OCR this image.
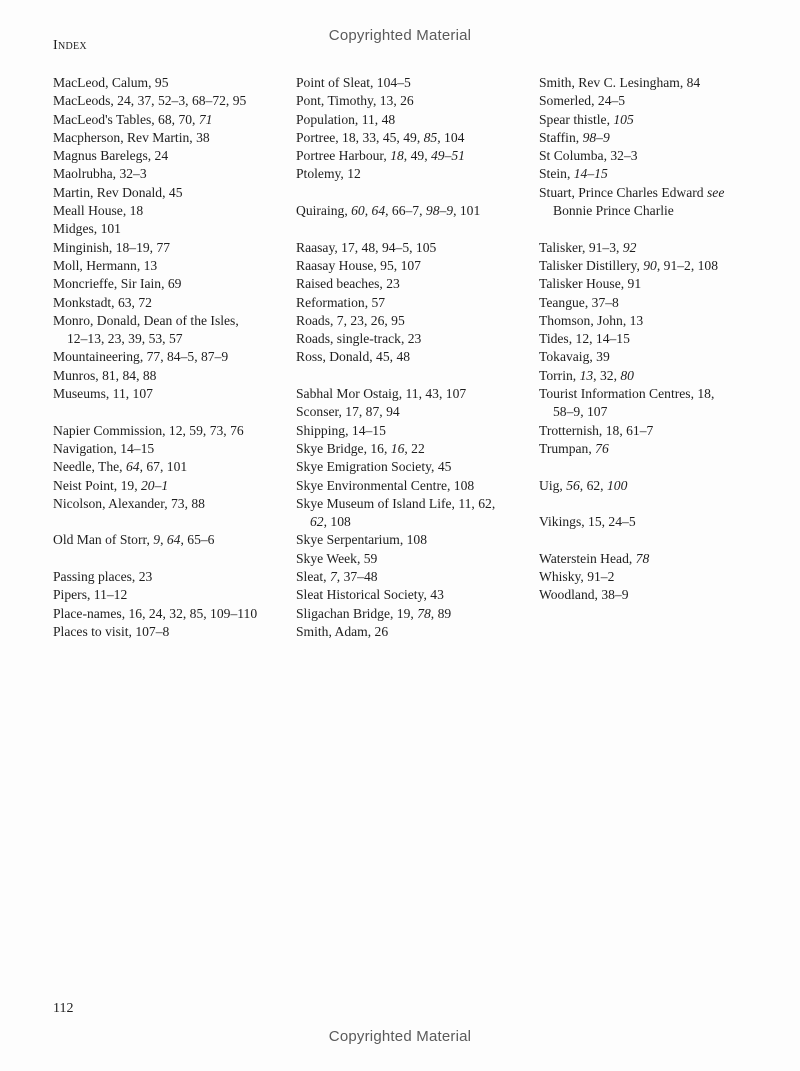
Copyrighted Material
Index
MacLeod, Calum, 95
MacLeods, 24, 37, 52–3, 68–72, 95
MacLeod's Tables, 68, 70, 71
Macpherson, Rev Martin, 38
Magnus Barelegs, 24
Maolrubha, 32–3
Martin, Rev Donald, 45
Meall House, 18
Midges, 101
Minginish, 18–19, 77
Moll, Hermann, 13
Moncrieffe, Sir Iain, 69
Monkstadt, 63, 72
Monro, Donald, Dean of the Isles,
12–13, 23, 39, 53, 57
Mountaineering, 77, 84–5, 87–9
Munros, 81, 84, 88
Museums, 11, 107
Napier Commission, 12, 59, 73, 76
Navigation, 14–15
Needle, The, 64, 67, 101
Neist Point, 19, 20–1
Nicolson, Alexander, 73, 88
Old Man of Storr, 9, 64, 65–6
Passing places, 23
Pipers, 11–12
Place-names, 16, 24, 32, 85, 109–110
Places to visit, 107–8
Point of Sleat, 104–5
Pont, Timothy, 13, 26
Population, 11, 48
Portree, 18, 33, 45, 49, 85, 104
Portree Harbour, 18, 49, 49–51
Ptolemy, 12
Quiraing, 60, 64, 66–7, 98–9, 101
Raasay, 17, 48, 94–5, 105
Raasay House, 95, 107
Raised beaches, 23
Reformation, 57
Roads, 7, 23, 26, 95
Roads, single-track, 23
Ross, Donald, 45, 48
Sabhal Mor Ostaig, 11, 43, 107
Sconser, 17, 87, 94
Shipping, 14–15
Skye Bridge, 16, 16, 22
Skye Emigration Society, 45
Skye Environmental Centre, 108
Skye Museum of Island Life, 11, 62,
62, 108
Skye Serpentarium, 108
Skye Week, 59
Sleat, 7, 37–48
Sleat Historical Society, 43
Sligachan Bridge, 19, 78, 89
Smith, Adam, 26
Smith, Rev C. Lesingham, 84
Somerled, 24–5
Spear thistle, 105
Staffin, 98–9
St Columba, 32–3
Stein, 14–15
Stuart, Prince Charles Edward see
Bonnie Prince Charlie
Talisker, 91–3, 92
Talisker Distillery, 90, 91–2, 108
Talisker House, 91
Teangue, 37–8
Thomson, John, 13
Tides, 12, 14–15
Tokavaig, 39
Torrin, 13, 32, 80
Tourist Information Centres, 18,
58–9, 107
Trotternish, 18, 61–7
Trumpan, 76
Uig, 56, 62, 100
Vikings, 15, 24–5
Waterstein Head, 78
Whisky, 91–2
Woodland, 38–9
112
Copyrighted Material
